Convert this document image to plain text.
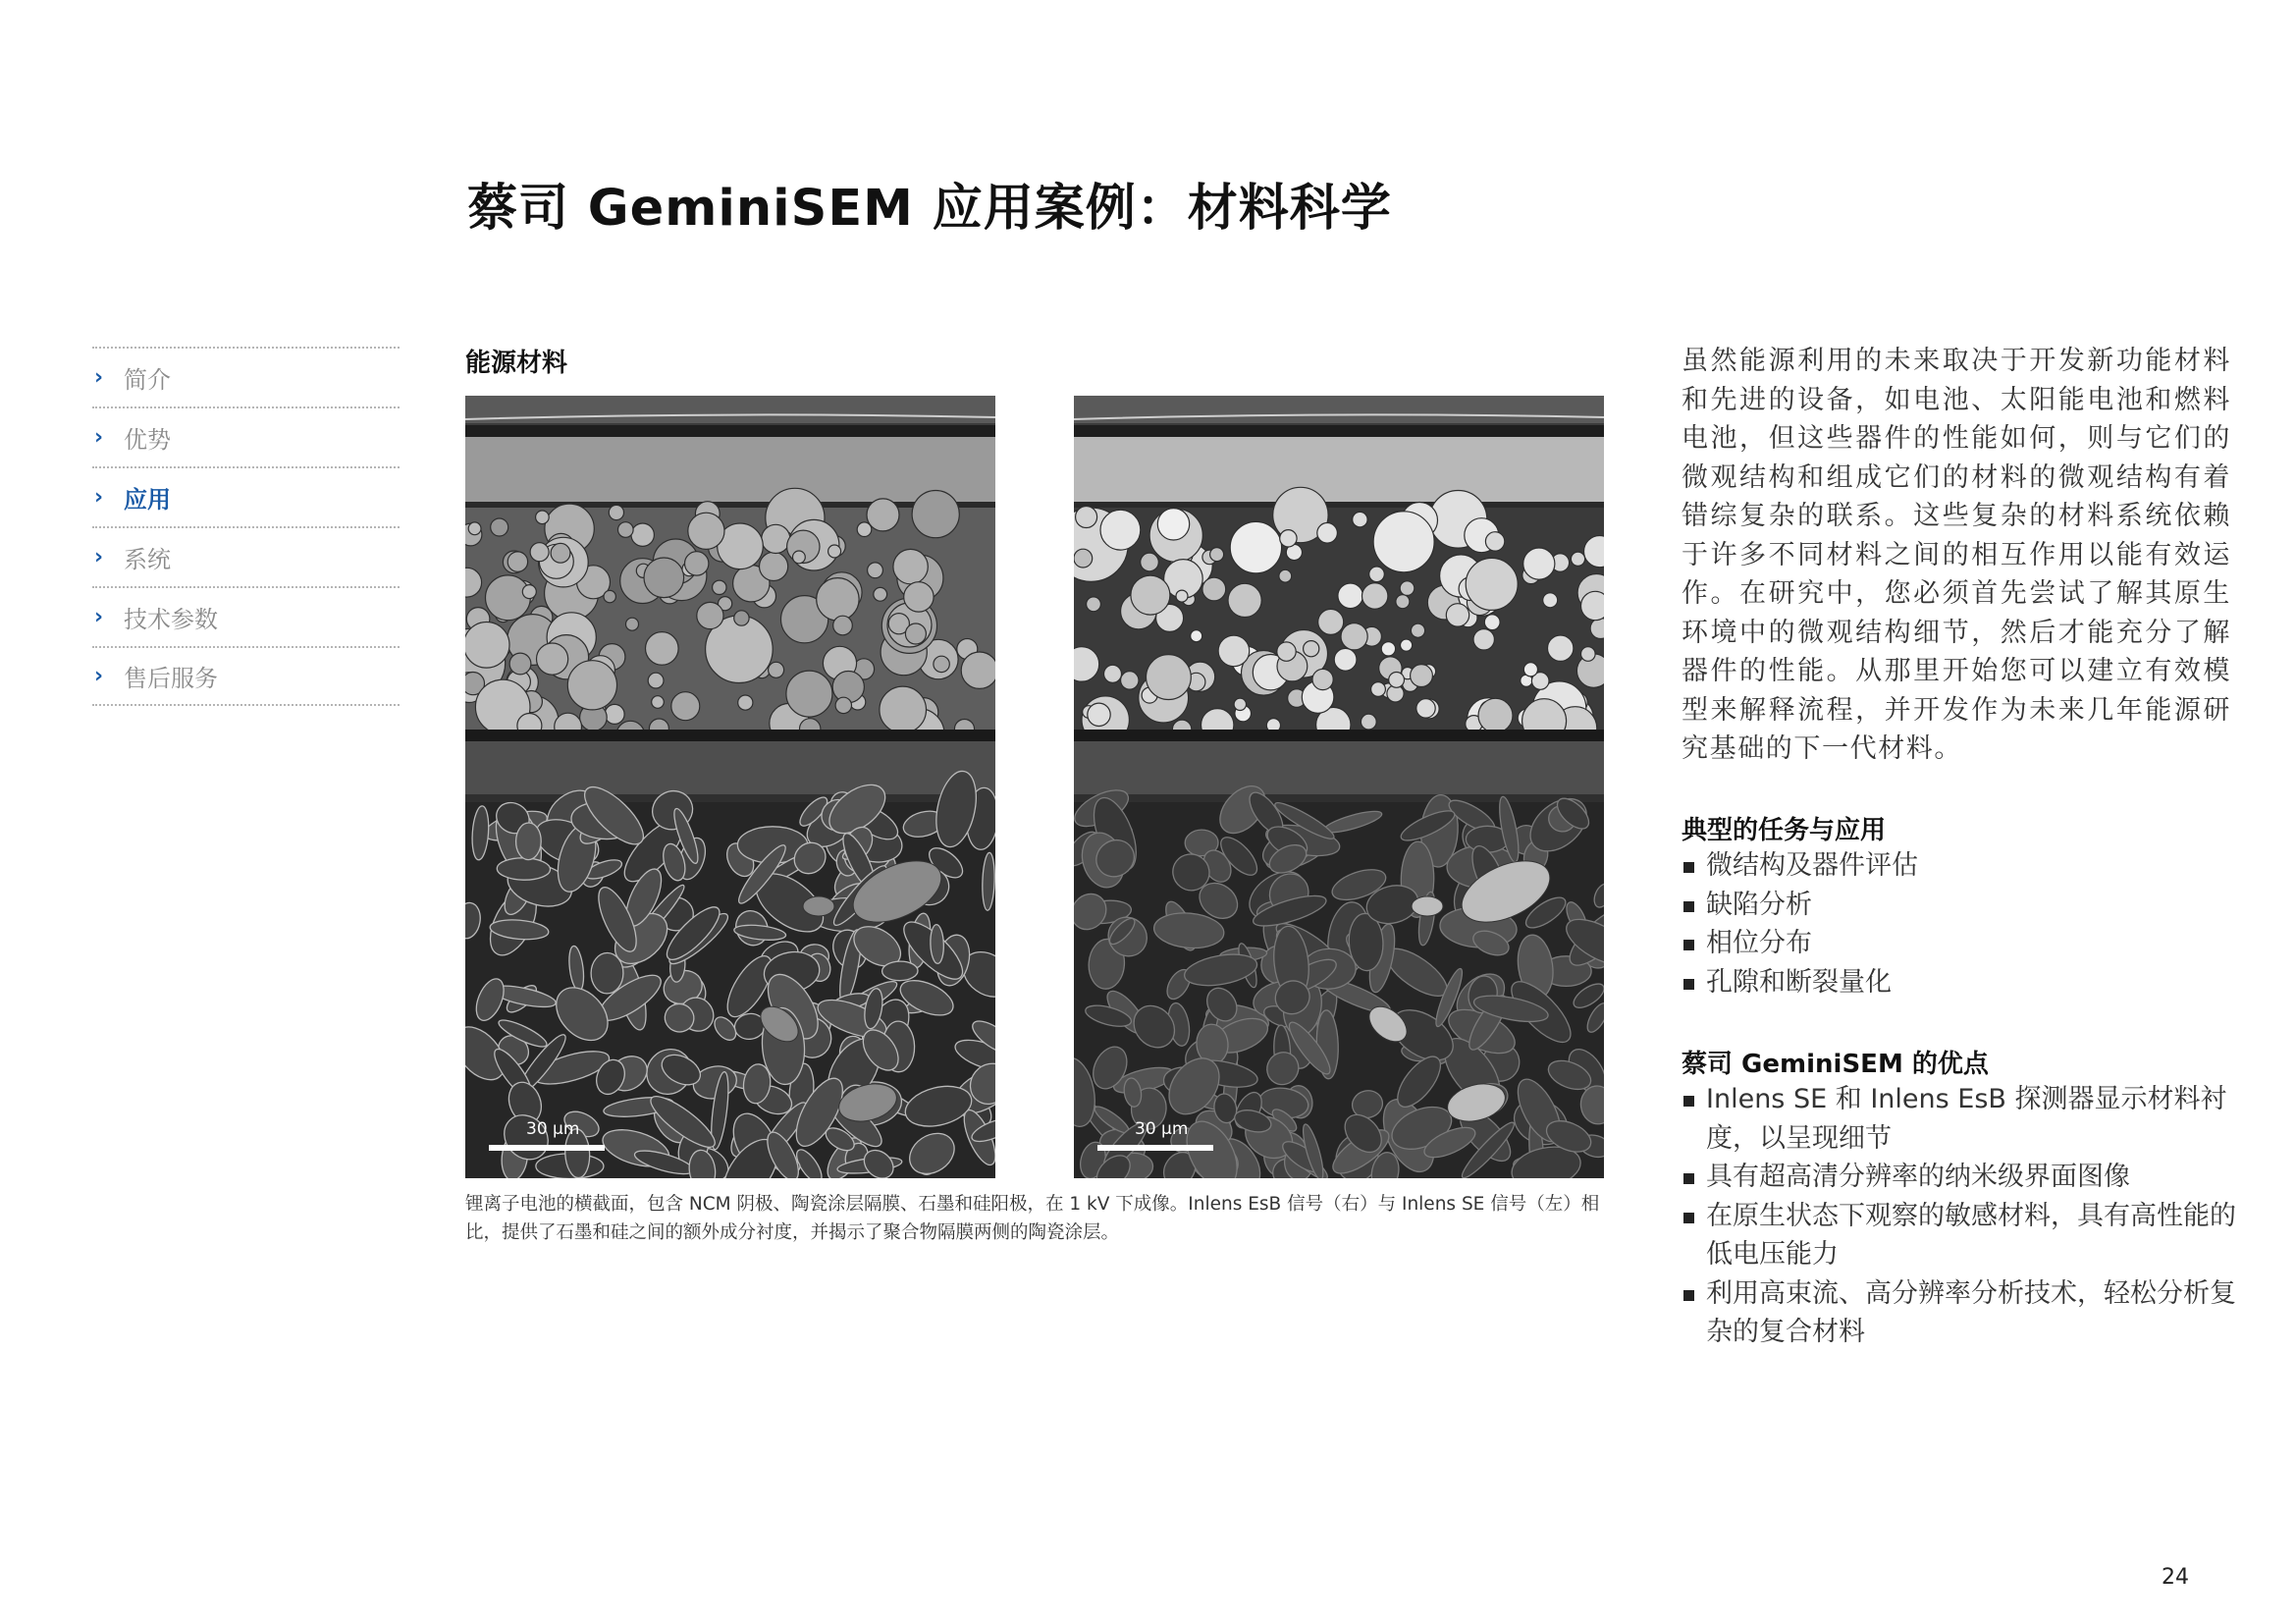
蔡司 GeminiSEM 应用案例：材料科学
› 简介
› 优势
› 应用
› 系统
› 技术参数
› 售后服务
能源材料
30 µm	30 µm

锂离子电池的横截面，包含 NCM 阴极、陶瓷涂层隔膜、石墨和硅阳极，在 1 kV 下成像。Inlens EsB 信号（右）与 Inlens SE 信号（左）相比，提供了石墨和硅之间的额外成分衬度，并揭示了聚合物隔膜两侧的陶瓷涂层。

虽然能源利用的未来取决于开发新功能材料和先进的设备，如电池、太阳能电池和燃料电池，但这些器件的性能如何，则与它们的微观结构和组成它们的材料的微观结构有着错综复杂的联系。这些复杂的材料系统依赖于许多不同材料之间的相互作用以能有效运作。在研究中，您必须首先尝试了解其原生环境中的微观结构细节，然后才能充分了解器件的性能。从那里开始您可以建立有效模型来解释流程，并开发作为未来几年能源研究基础的下一代材料。

典型的任务与应用
微结构及器件评估
缺陷分析
相位分布
孔隙和断裂量化
蔡司 GeminiSEM 的优点
Inlens SE 和 Inlens EsB 探测器显示材料衬度，以呈现细节
具有超高清分辨率的纳米级界面图像
在原生状态下观察的敏感材料，具有高性能的低电压能力
利用高束流、高分辨率分析技术，轻松分析复杂的复合材料
24
